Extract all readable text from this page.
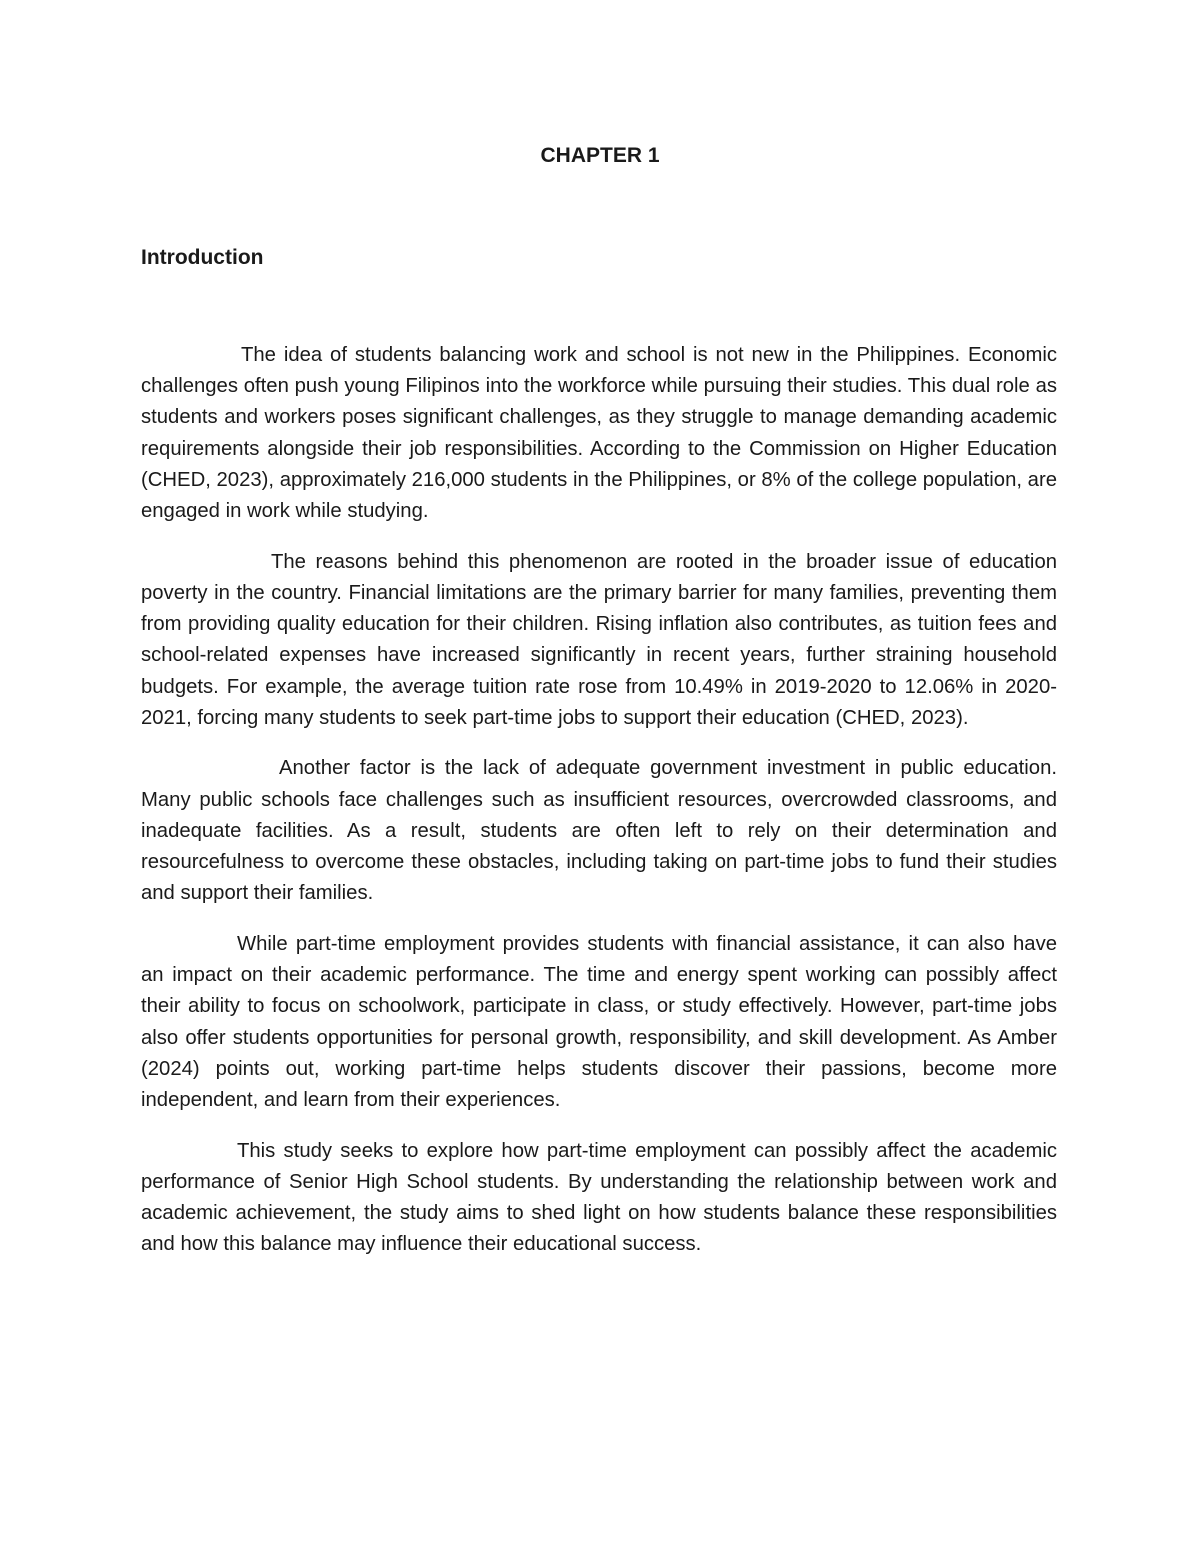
CHAPTER 1
Introduction

The idea of students balancing work and school is not new in the Philippines. Economic challenges often push young Filipinos into the workforce while pursuing their studies. This dual role as students and workers poses significant challenges, as they struggle to manage demanding academic requirements alongside their job responsibilities. According to the Commission on Higher Education (CHED, 2023), approximately 216,000 students in the Philippines, or 8% of the college population, are engaged in work while studying.

The reasons behind this phenomenon are rooted in the broader issue of education poverty in the country. Financial limitations are the primary barrier for many families, preventing them from providing quality education for their children. Rising inflation also contributes, as tuition fees and school-related expenses have increased significantly in recent years, further straining household budgets. For example, the average tuition rate rose from 10.49% in 2019-2020 to 12.06% in 2020-2021, forcing many students to seek part-time jobs to support their education (CHED, 2023).

Another factor is the lack of adequate government investment in public education. Many public schools face challenges such as insufficient resources, overcrowded classrooms, and inadequate facilities. As a result, students are often left to rely on their determination and resourcefulness to overcome these obstacles, including taking on part-time jobs to fund their studies and support their families.

While part-time employment provides students with financial assistance, it can also have an impact on their academic performance. The time and energy spent working can possibly affect their ability to focus on schoolwork, participate in class, or study effectively. However, part-time jobs also offer students opportunities for personal growth, responsibility, and skill development. As Amber (2024) points out, working part-time helps students discover their passions, become more independent, and learn from their experiences.

This study seeks to explore how part-time employment can possibly affect the academic performance of Senior High School students. By understanding the relationship between work and academic achievement, the study aims to shed light on how students balance these responsibilities and how this balance may influence their educational success.
